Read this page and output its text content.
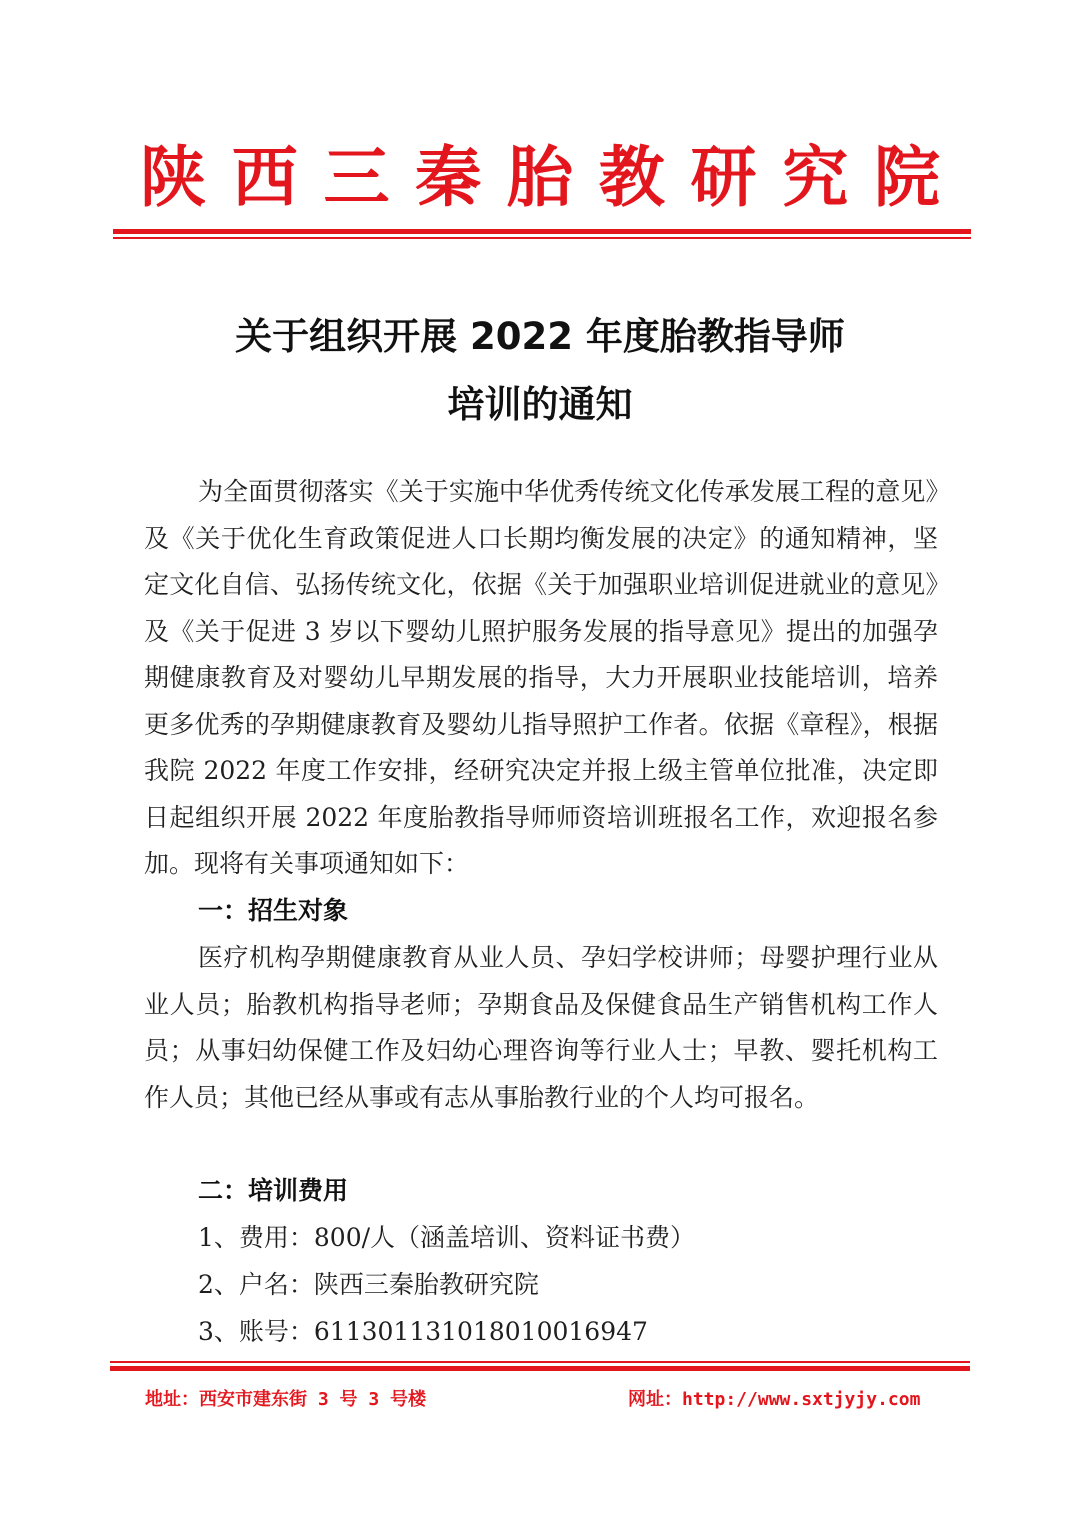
陕 西 三 秦 胎 教 研 究 院
关于组织开展 2022 年度胎教指导师
培训的通知
为全面贯彻落实《关于实施中华优秀传统文化传承发展工程的意见》及《关于优化生育政策促进人口长期均衡发展的决定》的通知精神，坚定文化自信、弘扬传统文化，依据《关于加强职业培训促进就业的意见》及《关于促进 3 岁以下婴幼儿照护服务发展的指导意见》提出的加强孕期健康教育及对婴幼儿早期发展的指导，大力开展职业技能培训，培养更多优秀的孕期健康教育及婴幼儿指导照护工作者。依据《章程》，根据我院 2022 年度工作安排，经研究决定并报上级主管单位批准，决定即日起组织开展 2022 年度胎教指导师师资培训班报名工作，欢迎报名参加。现将有关事项通知如下：
一：招生对象
医疗机构孕期健康教育从业人员、孕妇学校讲师；母婴护理行业从业人员；胎教机构指导老师；孕期食品及保健食品生产销售机构工作人员；从事妇幼保健工作及妇幼心理咨询等行业人士；早教、婴托机构工作人员；其他已经从事或有志从事胎教行业的个人均可报名。
二：培训费用
1、费用：800/人（涵盖培训、资料证书费）
2、户名：陕西三秦胎教研究院
3、账号：6113011310180100169​47
地址：西安市建东街 3 号 3 号楼	网址：http://www.sxtjyjy.com
